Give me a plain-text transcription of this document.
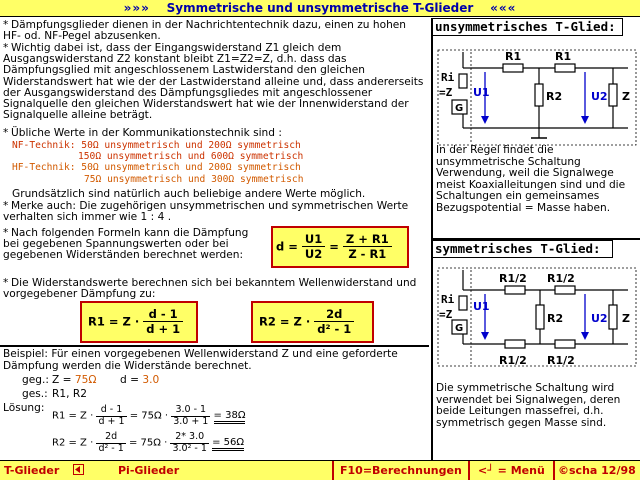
»»» Symmetrische und unsymmetrische T-Glieder «««
* Dämpfungsglieder dienen in der Nachrichtentechnik dazu, einen zu hohen HF- od. NF-Pegel abzusenken.
* Wichtig dabei ist, dass der Eingangswiderstand Z1 gleich dem Ausgangswiderstand Z2 konstant bleibt Z1=Z2=Z, d.h. dass das Dämpfungsglied mit angeschlossenem Lastwiderstand den gleichen Widerstandswert hat wie der der Lastwiderstand alleine und, dass andererseits der Ausgangswiderstand des Dämpfungsgliedes mit angeschlossener Signalquelle den gleichen Widerstandswert hat wie der Innenwiderstand der Signalquelle alleine beträgt.
* Übliche Werte in der Kommunikationstechnik sind :
NF-Technik: 50Ω unsymmetrisch und 200Ω symmetrisch
150Ω unsymmetrisch und 600Ω symmetrisch
HF-Technik: 50Ω unsymmetrisch und 200Ω symmetrisch
75Ω unsymmetrisch und 300Ω symmetrisch
Grundsätzlich sind natürlich auch beliebige andere Werte möglich.
* Merke auch: Die zugehörigen unsymmetrischen und symmetrischen Werte verhalten sich immer wie 1 : 4 .
* Nach folgenden Formeln kann die Dämpfung bei gegebenen Spannungswerten oder bei gegebenen Widerständen berechnet werden:
$d = \frac{U1}{U2} = \frac{Z + R1}{Z - R1}$
* Die Widerstandswerte berechnen sich bei bekanntem Wellenwiderstand und vorgegebener Dämpfung zu:
$R1 = Z \cdot \frac{d - 1}{d + 1}$	$R2 = Z \cdot \frac{2d}{\text{d² - 1}}$
Beispiel: Für einen vorgegebenen Wellenwiderstand Z und eine geforderte Dämpfung werden die Widerstände berechnet.
geg.: Z = 75Ω d = 3.0
ges.: R1, R2
Lösung:
$R1 = Z \cdot \frac{d - 1}{d + 1} = 75\Omega \cdot \frac{3.0 - 1}{3.0 + 1} = 38\Omega$
$R2 = Z \cdot \frac{2d}{\text{d² - 1}} = 75\Omega \cdot \frac{2* 3.0}{\text{3.0² - 1}} = 56\Omega$
unsymmetrisches T-Glied:
Ri
=Z
G
U1
R1	R1
R2	U2 Z
In der Regel findet die unsymmetrische Schaltung Verwendung, weil die Signalwege meist Koaxialleitungen sind und die Schaltungen ein gemeinsames Bezugspotential = Masse haben.
symmetrisches T-Glied:
Ri
=Z
G
U1
R1/2 R1/2
R1/2 R1/2
R2	U2 Z
Die symmetrische Schaltung wird verwendet bei Signalwegen, deren beide Leitungen massefrei, d.h. symmetrisch gegen Masse sind.
T-Glieder	Pi-Glieder	F10=Berechnungen <┘ = Menü ©scha 12/98
